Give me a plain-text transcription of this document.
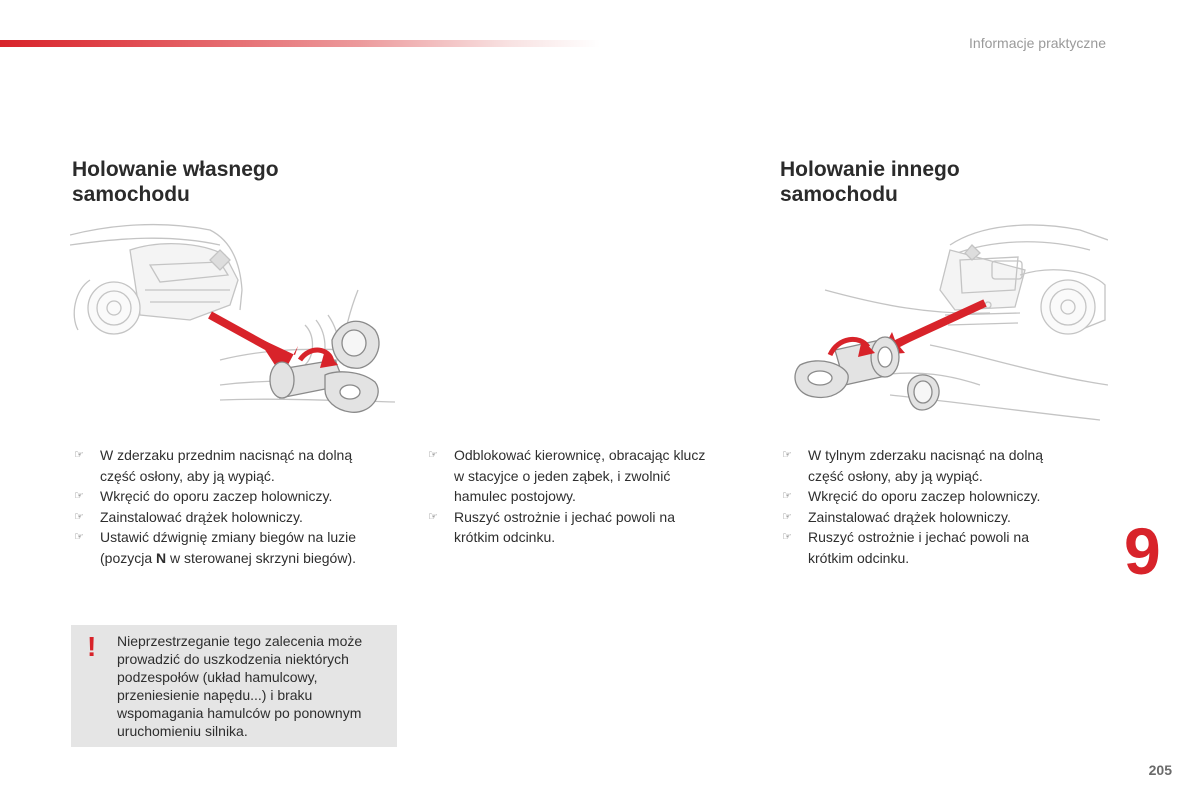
Informacje praktyczne
Holowanie własnego
samochodu
☞ W zderzaku przednim nacisnąć na dolną
część osłony, aby ją wypiąć.
☞ Wkręcić do oporu zaczep holowniczy.
☞ Zainstalować drążek holowniczy.
☞ Ustawić dźwignię zmiany biegów na luzie
(pozycja N w sterowanej skrzyni biegów).
☞ Odblokować kierownicę, obracając klucz
w stacyjce o jeden ząbek, i zwolnić
hamulec postojowy.
☞ Ruszyć ostrożnie i jechać powoli na
krótkim odcinku.
Holowanie innego
samochodu
☞ W tylnym zderzaku nacisnąć na dolną
część osłony, aby ją wypiąć.
☞ Wkręcić do oporu zaczep holowniczy.
☞ Zainstalować drążek holowniczy.
☞ Ruszyć ostrożnie i jechać powoli na
krótkim odcinku.
! Nieprzestrzeganie tego zalecenia może
prowadzić do uszkodzenia niektórych
podzespołów (układ hamulcowy,
przeniesienie napędu...) i braku
wspomagania hamulców po ponownym
uruchomieniu silnika.
9
205
